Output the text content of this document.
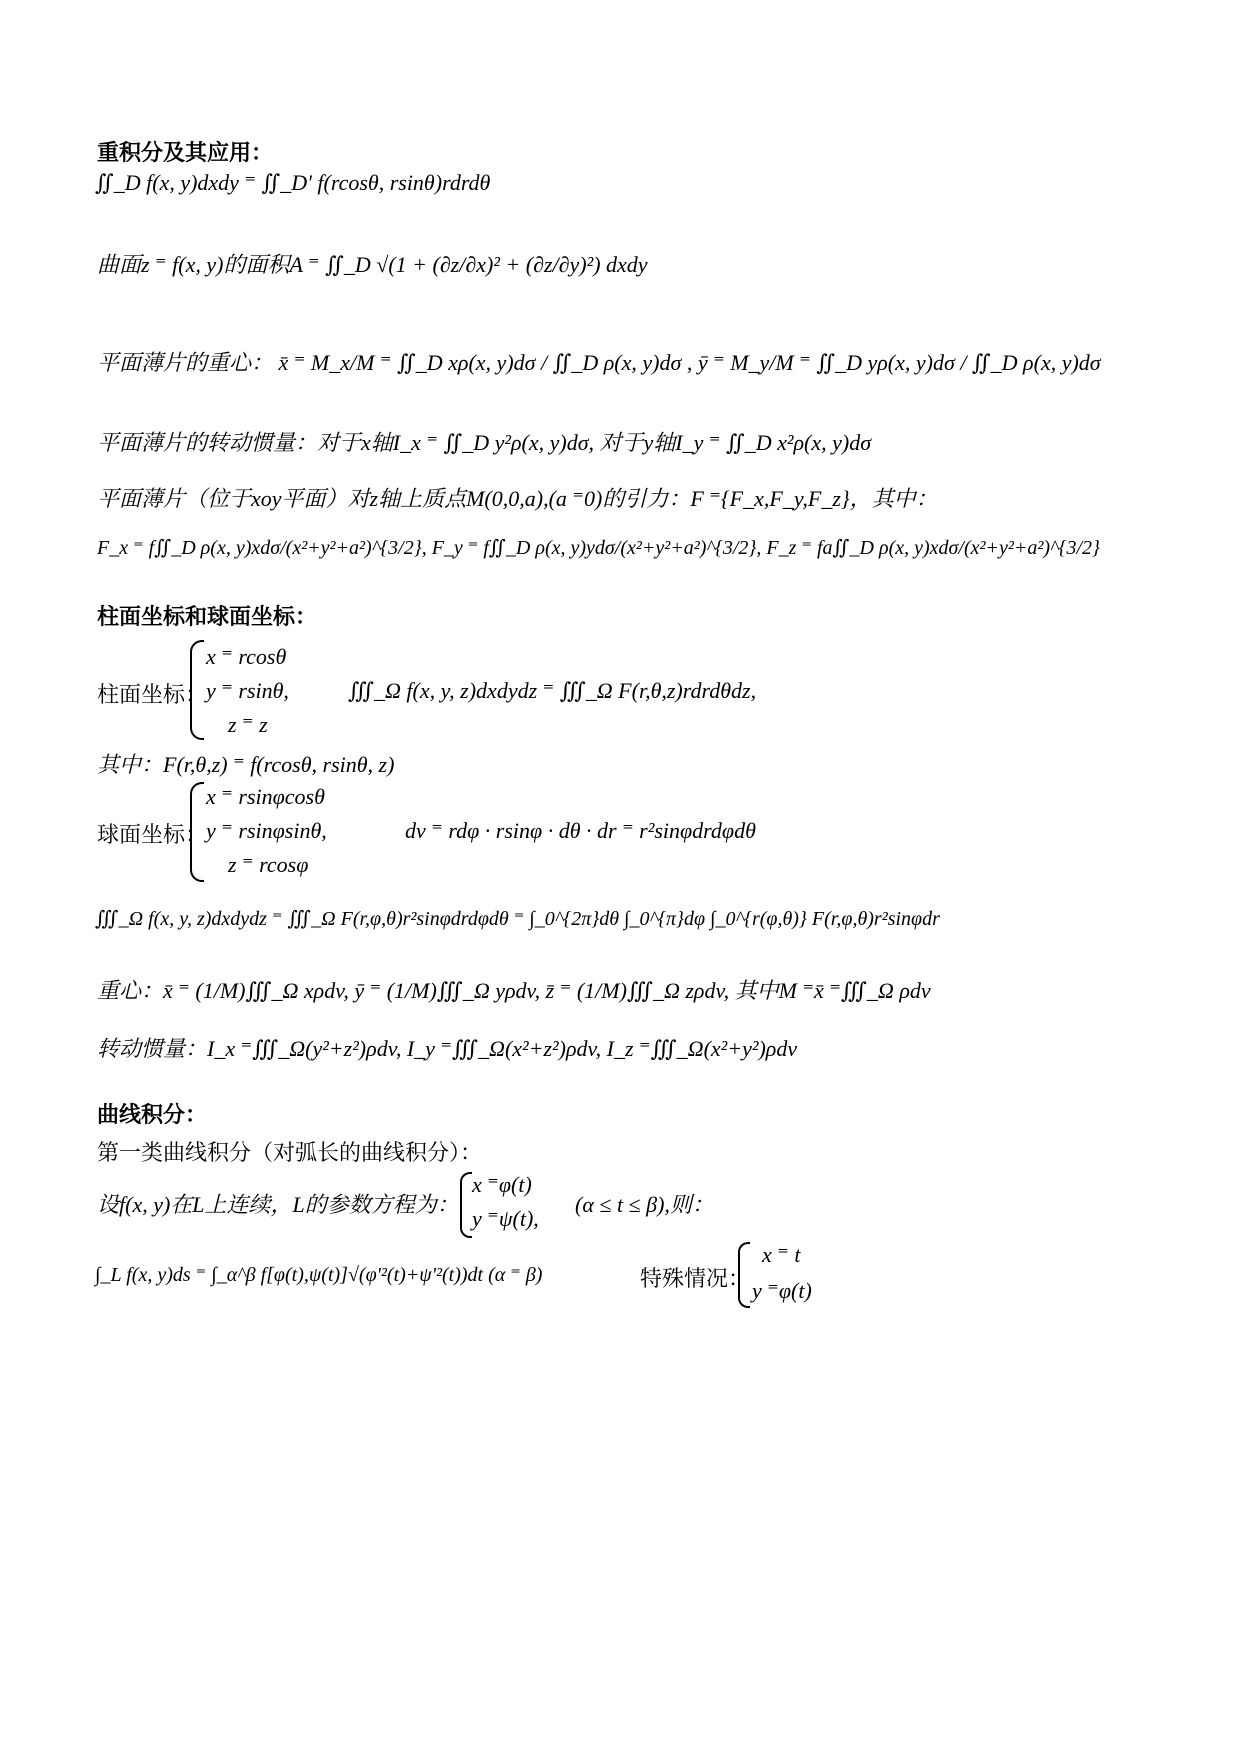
重积分及其应用：
∬_D f(x, y)dxdy ⁼ ∬_D' f(rcosθ, rsinθ)rdrdθ
曲面z ⁼ f(x, y)的面积A ⁼ ∬_D √(1 + (∂z/∂x)² + (∂z/∂y)²) dxdy
平面薄片的重心： x̄ ⁼ M_x/M ⁼ ∬_D xρ(x, y)dσ / ∬_D ρ(x, y)dσ , ȳ ⁼ M_y/M ⁼ ∬_D yρ(x, y)dσ / ∬_D ρ(x, y)dσ
平面薄片的转动惯量：对于x轴I_x ⁼ ∬_D y²ρ(x, y)dσ, 对于y轴I_y ⁼ ∬_D x²ρ(x, y)dσ
平面薄片（位于xoy平面）对z轴上质点M(0,0,a),(a ⁼0)的引力：F ⁼{F_x,F_y,F_z}，其中：
F_x ⁼ f∬_D ρ(x, y)xdσ/(x²+y²+a²)^{3/2}, F_y ⁼ f∬_D ρ(x, y)ydσ/(x²+y²+a²)^{3/2}, F_z ⁼ fa∬_D ρ(x, y)xdσ/(x²+y²+a²)^{3/2}
柱面坐标和球面坐标：
柱面坐标：
x ⁼ rcosθ
y ⁼ rsinθ,
z ⁼ z
∭_Ω f(x, y, z)dxdydz ⁼ ∭_Ω F(r,θ,z)rdrdθdz,
其中：F(r,θ,z) ⁼ f(rcosθ, rsinθ, z)
球面坐标：
x ⁼ rsinφcosθ
y ⁼ rsinφsinθ,
z ⁼ rcosφ
dv ⁼ rdφ · rsinφ · dθ · dr ⁼ r²sinφdrdφdθ
∭_Ω f(x, y, z)dxdydz ⁼ ∭_Ω F(r,φ,θ)r²sinφdrdφdθ ⁼ ∫_0^{2π}dθ ∫_0^{π}dφ ∫_0^{r(φ,θ)} F(r,φ,θ)r²sinφdr
重心：x̄ ⁼ (1/M)∭_Ω xρdv, ȳ ⁼ (1/M)∭_Ω yρdv, z̄ ⁼ (1/M)∭_Ω zρdv, 其中M ⁼x̄ ⁼∭_Ω ρdv
转动惯量：I_x ⁼∭_Ω(y²+z²)ρdv, I_y ⁼∭_Ω(x²+z²)ρdv, I_z ⁼∭_Ω(x²+y²)ρdv
曲线积分：
第一类曲线积分（对弧长的曲线积分）：
设f(x, y)在L上连续，L的参数方程为：
x ⁼φ(t)
y ⁼ψ(t),
(α ≤ t ≤ β),则：
∫_L f(x, y)ds ⁼ ∫_α^β f[φ(t),ψ(t)]√(φ'²(t)+ψ'²(t))dt (α ⁼ β)	特殊情况：
x ⁼ t
y ⁼φ(t)
